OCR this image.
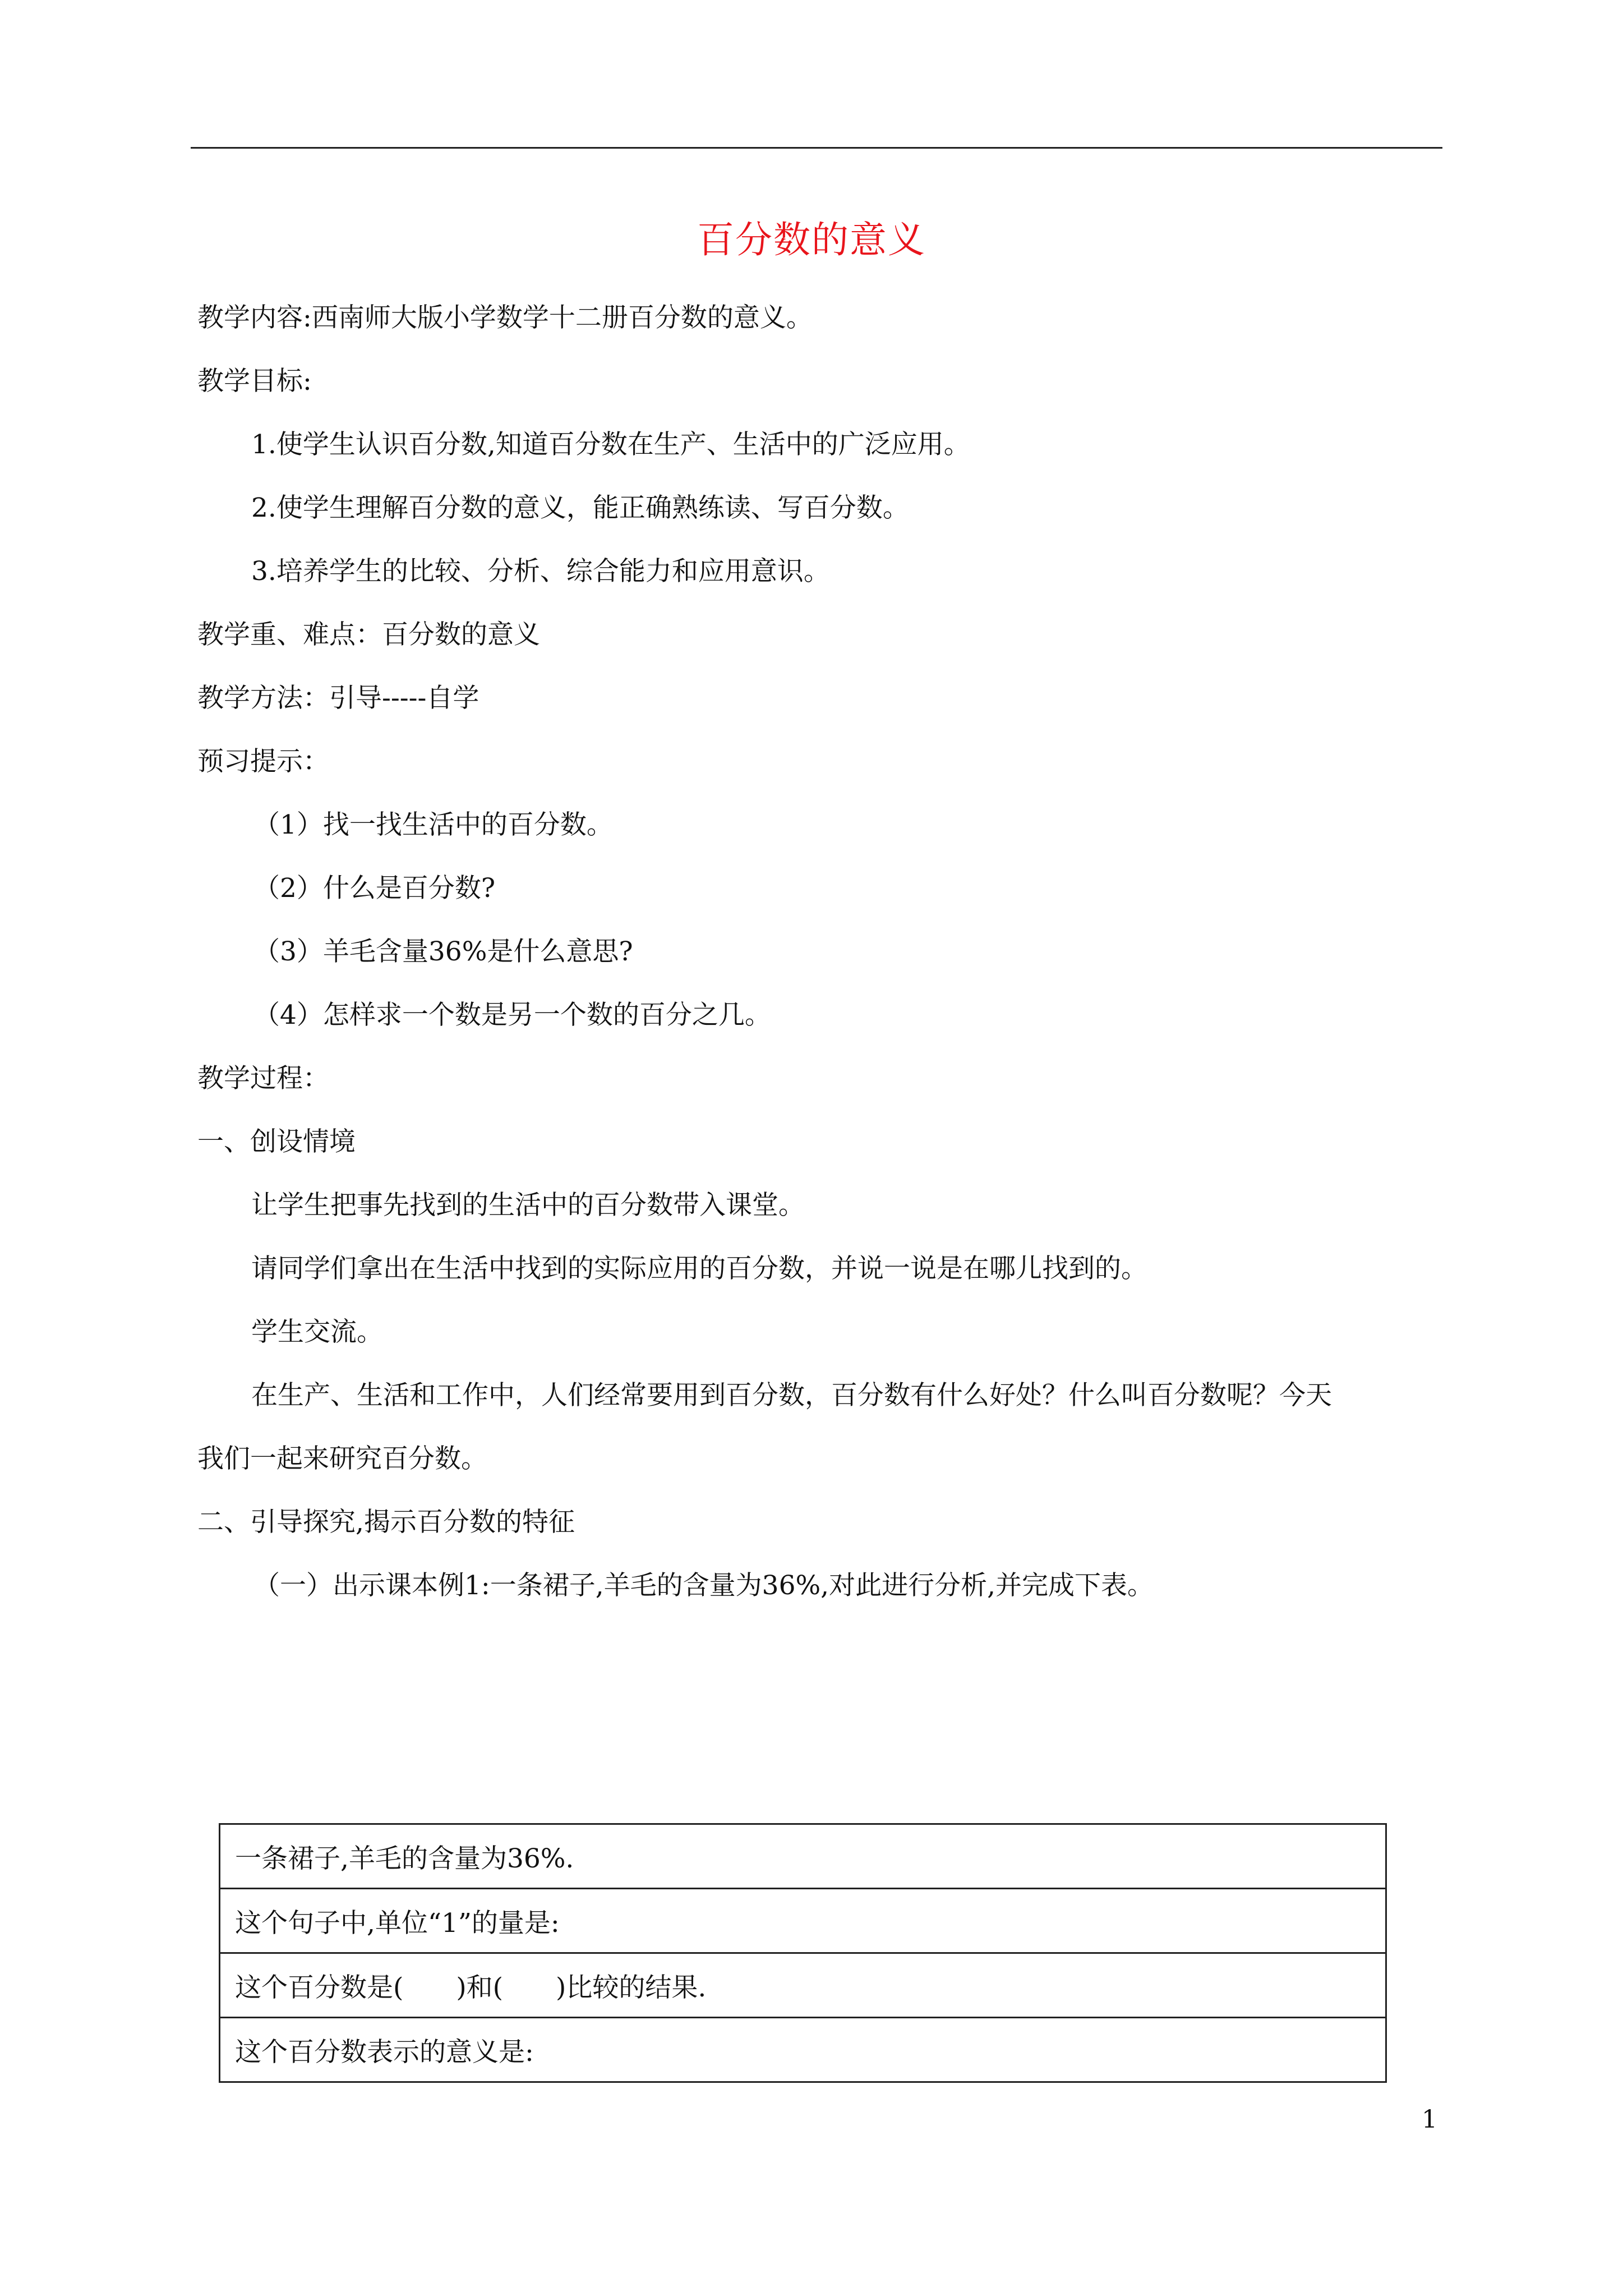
百分数的意义
教学内容:西南师大版小学数学十二册百分数的意义。
教学目标:
1.使学生认识百分数,知道百分数在生产、生活中的广泛应用。
2.使学生理解百分数的意义，能正确熟练读、写百分数。
3.培养学生的比较、分析、综合能力和应用意识。
教学重、难点：百分数的意义
教学方法：引导-----自学
预习提示：
（1）找一找生活中的百分数。
（2）什么是百分数?
（3）羊毛含量36%是什么意思?
（4）怎样求一个数是另一个数的百分之几。
教学过程：
一、创设情境
让学生把事先找到的生活中的百分数带入课堂。
请同学们拿出在生活中找到的实际应用的百分数，并说一说是在哪儿找到的。
学生交流。
在生产、生活和工作中，人们经常要用到百分数，百分数有什么好处？什么叫百分数呢？今天
我们一起来研究百分数。
二、引导探究,揭示百分数的特征
（一）出示课本例1:一条裙子,羊毛的含量为36%,对此进行分析,并完成下表。
一条裙子,羊毛的含量为36%.
这个句子中,单位“1”的量是:
这个百分数是(　　)和(　　)比较的结果.
这个百分数表示的意义是:
1
